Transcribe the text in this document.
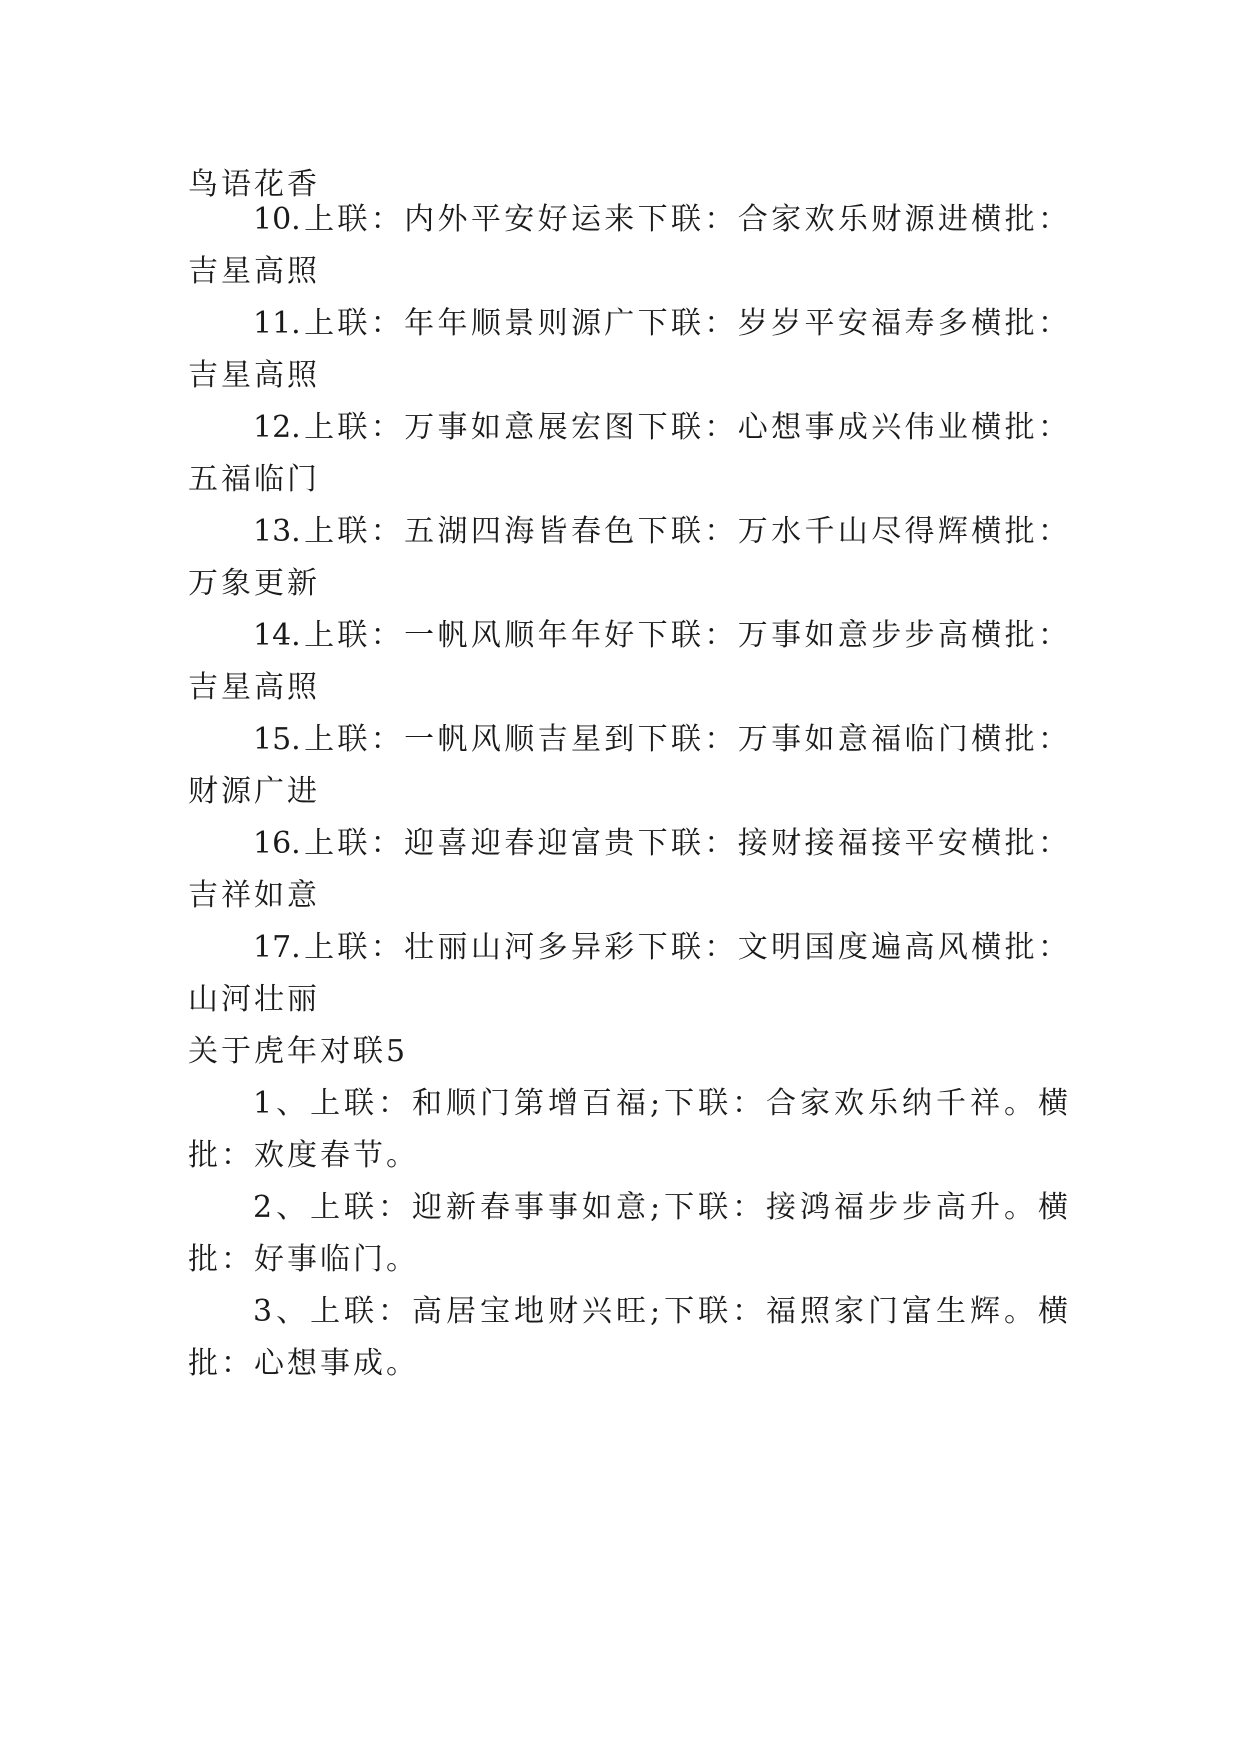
鸟语花香
10.上联：内外平安好运来下联：合家欢乐财源进横批：
吉星高照
11.上联：年年顺景则源广下联：岁岁平安福寿多横批：
吉星高照
12.上联：万事如意展宏图下联：心想事成兴伟业横批：
五福临门
13.上联：五湖四海皆春色下联：万水千山尽得辉横批：
万象更新
14.上联：一帆风顺年年好下联：万事如意步步高横批：
吉星高照
15.上联：一帆风顺吉星到下联：万事如意福临门横批：
财源广进
16.上联：迎喜迎春迎富贵下联：接财接福接平安横批：
吉祥如意
17.上联：壮丽山河多异彩下联：文明国度遍高风横批：
山河壮丽
关于虎年对联5
1、上联：和顺门第增百福;下联：合家欢乐纳千祥。横
批：欢度春节。
2、上联：迎新春事事如意;下联：接鸿福步步高升。横
批：好事临门。
3、上联：高居宝地财兴旺;下联：福照家门富生辉。横
批：心想事成。
